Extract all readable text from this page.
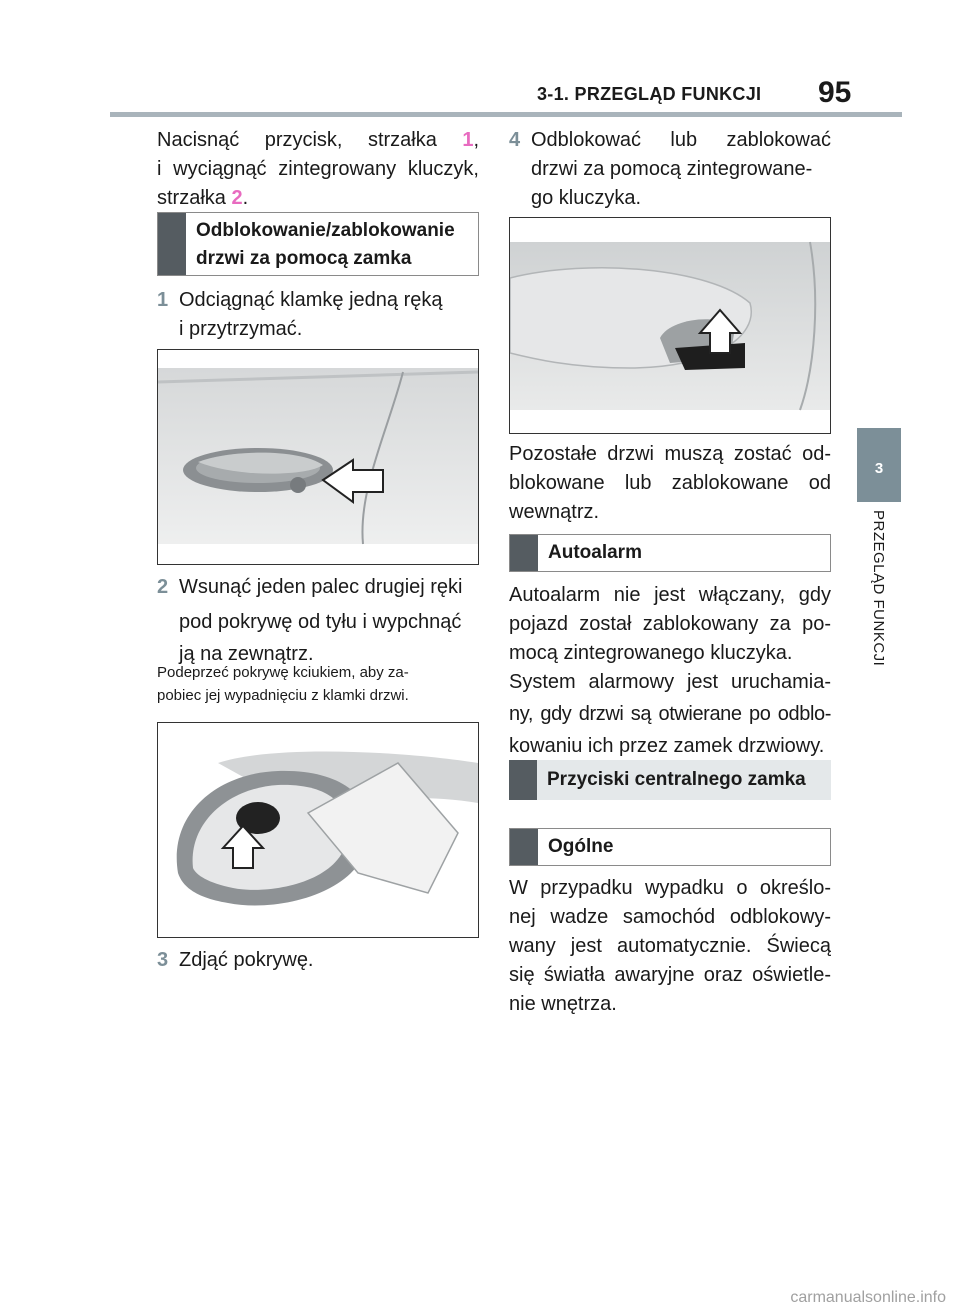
3-1. PRZEGLĄD FUNKCJI 95
3
PRZEGLĄD FUNKCJI
Nacisnąć przycisk, strzałka 1,
i wyciągnąć zintegrowany kluczyk,
strzałka 2.
Odblokowanie/zablokowanie
drzwi za pomocą zamka
1 Odciągnąć klamkę jedną ręką
i przytrzymać.
2 Wsunąć jeden palec drugiej ręki
pod pokrywę od tyłu i wypchnąć
ją na zewnątrz.
Podeprzeć pokrywę kciukiem, aby za-
pobiec jej wypadnięciu z klamki drzwi.
3 Zdjąć pokrywę.
4 Odblokować lub zablokować
drzwi za pomocą zintegrowane-
go kluczyka.
Pozostałe drzwi muszą zostać od-
blokowane lub zablokowane od
wewnątrz.
Autoalarm
Autoalarm nie jest włączany, gdy
pojazd został zablokowany za po-
mocą zintegrowanego kluczyka.
System alarmowy jest uruchamia-
ny, gdy drzwi są otwierane po odblo-
kowaniu ich przez zamek drzwiowy.
Przyciski centralnego zamka
Ogólne
W przypadku wypadku o określo-
nej wadze samochód odblokowy-
wany jest automatycznie. Świecą
się światła awaryjne oraz oświetle-
nie wnętrza.
carmanualsonline.info
